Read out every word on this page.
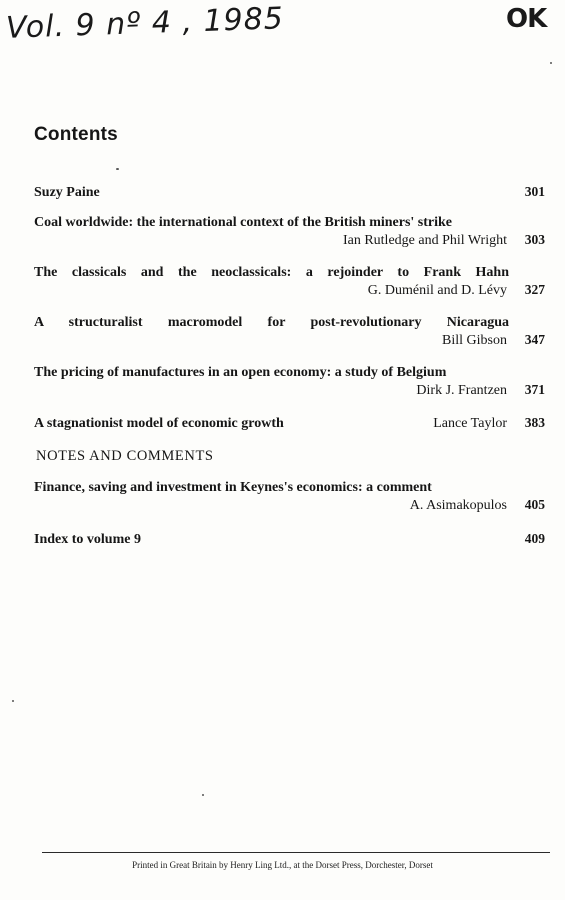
Vol. 9 nº 4 , 1985	OK
Contents
Suzy Paine	301
Coal worldwide: the international context of the British miners' strike
Ian Rutledge and Phil Wright 303
The classicals and the neoclassicals: a rejoinder to Frank Hahn
G. Duménil and D. Lévy 327
A structuralist macromodel for post-revolutionary Nicaragua
Bill Gibson 347
The pricing of manufactures in an open economy: a study of Belgium
Dirk J. Frantzen 371
A stagnationist model of economic growth	Lance Taylor 383
NOTES AND COMMENTS
Finance, saving and investment in Keynes's economics: a comment
A. Asimakopulos 405
Index to volume 9	409
Printed in Great Britain by Henry Ling Ltd., at the Dorset Press, Dorchester, Dorset
